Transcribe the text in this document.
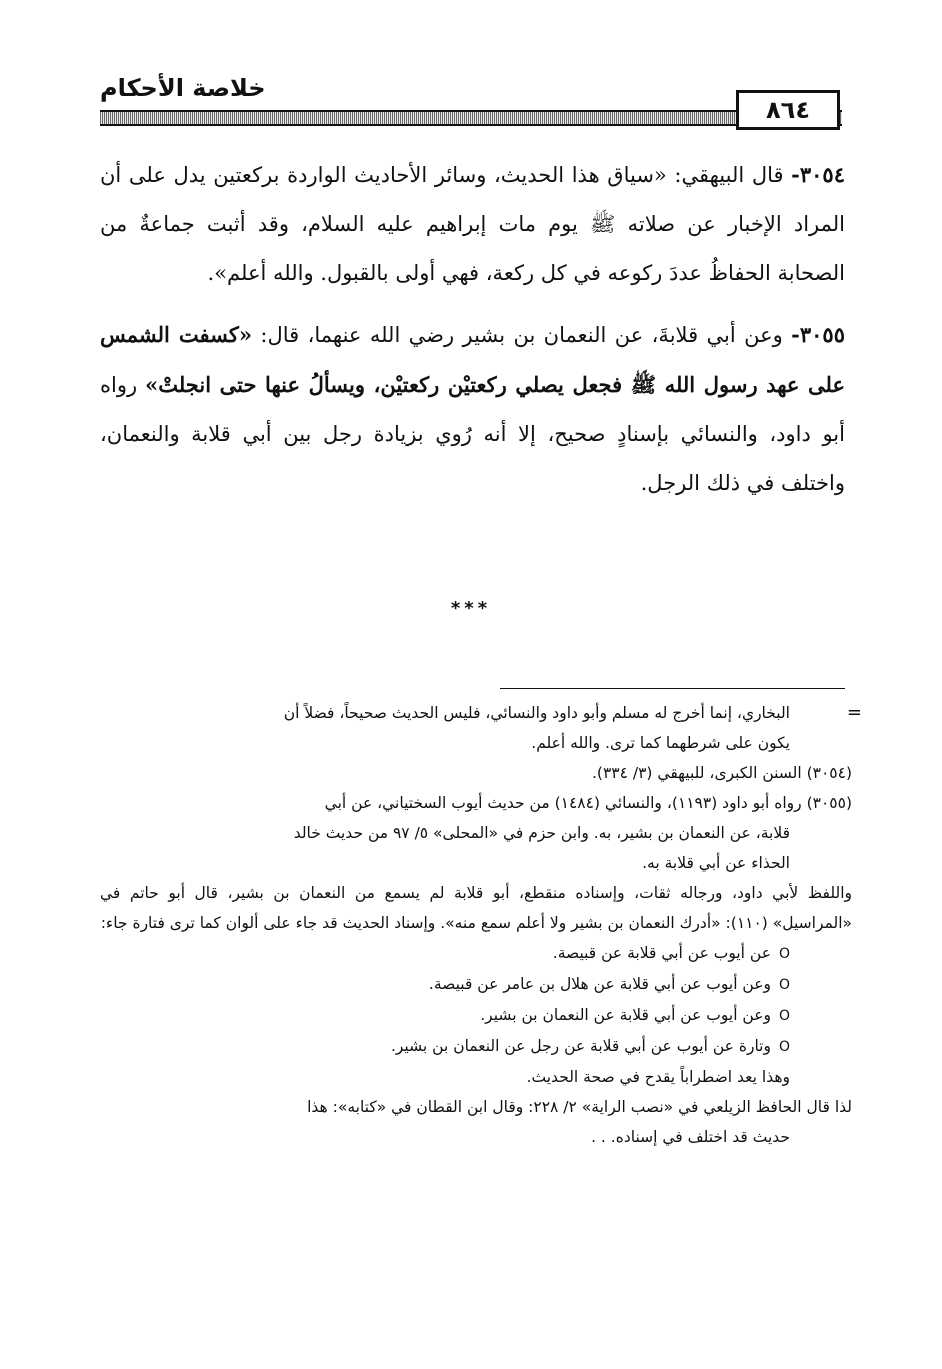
خلاصة الأحكام
٨٦٤

٣٠٥٤- قال البيهقي: «سياق هذا الحديث، وسائر الأحاديث الواردة بركعتين يدل على أن المراد الإخبار عن صلاته ﷺ يوم مات إبراهيم عليه السلام، وقد أثبت جماعةٌ من الصحابة الحفاظُ عددَ ركوعه في كل ركعة، فهي أولى بالقبول. والله أعلم».

٣٠٥٥- وعن أبي قلابةَ، عن النعمان بن بشير رضي الله عنهما، قال: «كسفت الشمس على عهد رسول الله ﷺ فجعل يصلي ركعتيْن ركعتيْن، ويسألُ عنها حتى انجلتْ» رواه أبو داود، والنسائي بإسنادٍ صحيح، إلا أنه رُوي بزيادة رجل بين أبي قلابة والنعمان، واختلف في ذلك الرجل.

***
=

البخاري، إنما أخرج له مسلم وأبو داود والنسائي، فليس الحديث صحيحاً، فضلاً أن

يكون على شرطهما كما ترى. والله أعلم.

(٣٠٥٤) السنن الكبرى، للبيهقي (٣/ ٣٣٤).

(٣٠٥٥) رواه أبو داود (١١٩٣)، والنسائي (١٤٨٤) من حديث أيوب السختياني، عن أبي

قلابة، عن النعمان بن بشير، به. وابن حزم في «المحلى» ٥/ ٩٧ من حديث خالد

الحذاء عن أبي قلابة به.

واللفظ لأبي داود، ورجاله ثقات، وإسناده منقطع، أبو قلابة لم يسمع من النعمان بن بشير، قال أبو حاتم في «المراسيل» (١١٠): «أدرك النعمان بن بشير ولا أعلم سمع منه». وإسناد الحديث قد جاء على ألوان كما ترى فتارة جاء:

Oعن أيوب عن أبي قلابة عن قبيصة.

Oوعن أيوب عن أبي قلابة عن هلال بن عامر عن قبيصة.

Oوعن أيوب عن أبي قلابة عن النعمان بن بشير.

Oوتارة عن أيوب عن أبي قلابة عن رجل عن النعمان بن بشير.

وهذا يعد اضطراباً يقدح في صحة الحديث.

لذا قال الحافظ الزيلعي في «نصب الراية» ٢/ ٢٢٨: وقال ابن القطان في «كتابه»: هذا

حديث قد اختلف في إسناده. . .
